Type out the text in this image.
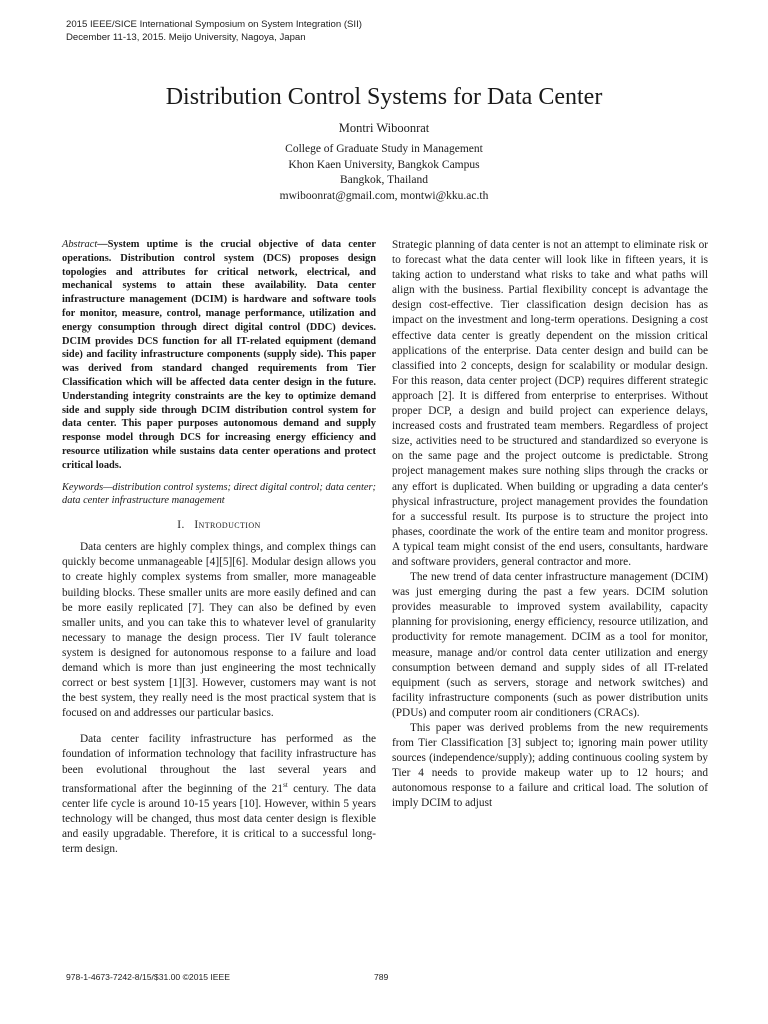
2015 IEEE/SICE International Symposium on System Integration (SII)
December 11-13, 2015. Meijo University, Nagoya, Japan
Distribution Control Systems for Data Center
Montri Wiboonrat
College of Graduate Study in Management
Khon Kaen University, Bangkok Campus
Bangkok, Thailand
mwiboonrat@gmail.com, montwi@kku.ac.th

Abstract—System uptime is the crucial objective of data center operations. Distribution control system (DCS) proposes design topologies and attributes for critical network, electrical, and mechanical systems to attain these availability. Data center infrastructure management (DCIM) is hardware and software tools for monitor, measure, control, manage performance, utilization and energy consumption through direct digital control (DDC) devices. DCIM provides DCS function for all IT-related equipment (demand side) and facility infrastructure components (supply side). This paper was derived from standard changed requirements from Tier Classification which will be affected data center design in the future. Understanding integrity constraints are the key to optimize demand side and supply side through DCIM distribution control system for data center. This paper purposes autonomous demand and supply response model through DCS for increasing energy efficiency and resource utilization while sustains data center operations and protect critical loads.

Keywords—distribution control systems; direct digital control; data center; data center infrastructure management

I. Introduction

Data centers are highly complex things, and complex things can quickly become unmanageable [4][5][6]. Modular design allows you to create highly complex systems from smaller, more manageable building blocks. These smaller units are more easily defined and can be more easily replicated [7]. They can also be defined by even smaller units, and you can take this to whatever level of granularity necessary to manage the design process. Tier IV fault tolerance system is designed for autonomous response to a failure and load demand which is more than just engineering the most technically correct or best system [1][3]. However, customers may want is not the best system, they really need is the most practical system that is focused on and addresses our particular basics.

Data center facility infrastructure has performed as the foundation of information technology that facility infrastructure has been evolutional throughout the last several years and transformational after the beginning of the 21st century. The data center life cycle is around 10-15 years [10]. However, within 5 years technology will be changed, thus most data center design is flexible and easily upgradable. Therefore, it is critical to a successful long-term design.

Strategic planning of data center is not an attempt to eliminate risk or to forecast what the data center will look like in fifteen years, it is taking action to understand what risks to take and what paths will align with the business. Partial flexibility concept is advantage the design cost-effective. Tier classification design decision has as impact on the investment and long-term operations. Designing a cost effective data center is greatly dependent on the mission critical applications of the enterprise. Data center design and build can be classified into 2 concepts, design for scalability or modular design. For this reason, data center project (DCP) requires different strategic approach [2]. It is differed from enterprise to enterprises. Without proper DCP, a design and build project can experience delays, increased costs and frustrated team members. Regardless of project size, activities need to be structured and standardized so everyone is on the same page and the project outcome is predictable. Strong project management makes sure nothing slips through the cracks or any effort is duplicated. When building or upgrading a data center's physical infrastructure, project management provides the foundation for a successful result. Its purpose is to structure the project into phases, coordinate the work of the entire team and monitor progress. A typical team might consist of the end users, consultants, hardware and software providers, general contractor and more.

The new trend of data center infrastructure management (DCIM) was just emerging during the past a few years. DCIM solution provides measurable to improved system availability, capacity planning for provisioning, energy efficiency, resource utilization, and productivity for remote management. DCIM as a tool for monitor, measure, manage and/or control data center utilization and energy consumption between demand and supply sides of all IT-related equipment (such as servers, storage and network switches) and facility infrastructure components (such as power distribution units (PDUs) and computer room air conditioners (CRACs).

This paper was derived problems from the new requirements from Tier Classification [3] subject to; ignoring main power utility sources (independence/supply); adding continuous cooling system by Tier 4 needs to provide makeup water up to 12 hours; and autonomous response to a failure and critical load. The solution of imply DCIM to adjust

978-1-4673-7242-8/15/$31.00 ©2015 IEEE	789
